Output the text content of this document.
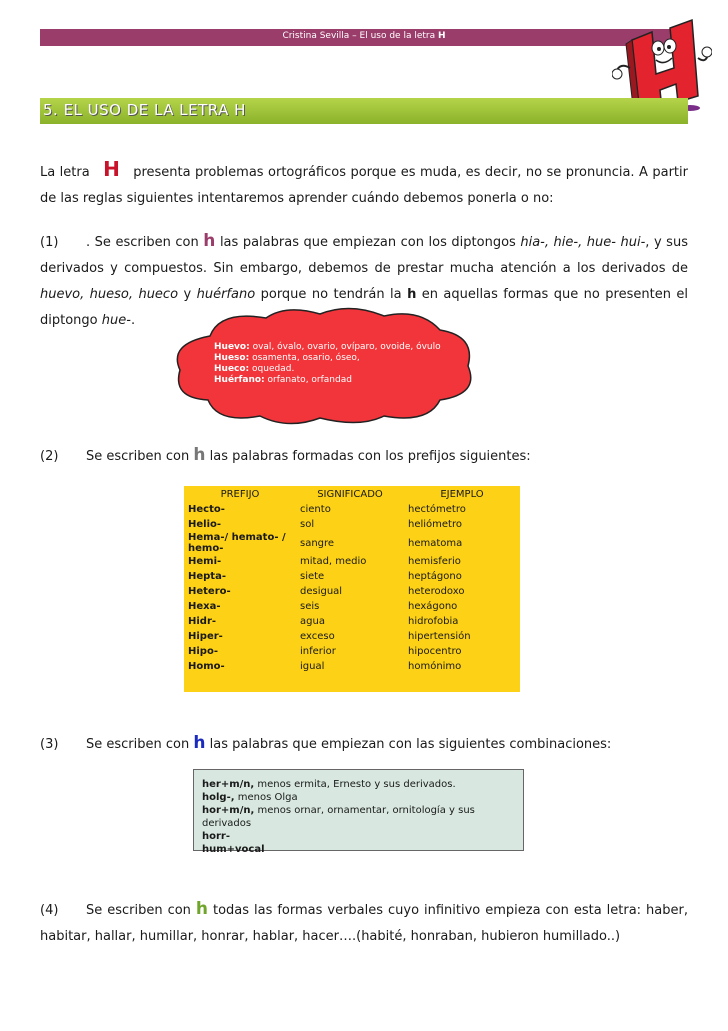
Cristina Sevilla – El uso de la letra H
5. EL USO DE LA LETRA H
La letra H presenta problemas ortográficos porque es muda, es decir, no se pronuncia. A partir de las reglas siguientes intentaremos aprender cuándo debemos ponerla o no:
(1) . Se escriben con h las palabras que empiezan con los diptongos hia-, hie-, hue- hui-, y sus derivados y compuestos. Sin embargo, debemos de prestar mucha atención a los derivados de huevo, hueso, hueco y huérfano porque no tendrán la h en aquellas formas que no presenten el diptongo hue-.
Huevo: oval, óvalo, ovario, ovíparo, ovoide, óvulo
Hueso: osamenta, osario, óseo,
Hueco: oquedad.
Huérfano: orfanato, orfandad
(2) Se escriben con h las palabras formadas con los prefijos siguientes:
PREFIJO	SIGNIFICADO	EJEMPLO
Hecto-	ciento	hectómetro
Helio-	sol	heliómetro
Hema-/ hemato- / hemo-	sangre	hematoma
Hemi-	mitad, medio	hemisferio
Hepta-	siete	heptágono
Hetero-	desigual	heterodoxo
Hexa-	seis	hexágono
Hidr-	agua	hidrofobia
Hiper-	exceso	hipertensión
Hipo-	inferior	hipocentro
Homo-	igual	homónimo
(3) Se escriben con h las palabras que empiezan con las siguientes combinaciones:
her+m/n, menos ermita, Ernesto y sus derivados.
holg-, menos Olga
hor+m/n, menos ornar, ornamentar, ornitología y sus derivados
horr-
hum+vocal
(4) Se escriben con h todas las formas verbales cuyo infinitivo empieza con esta letra: haber, habitar, hallar, humillar, honrar, hablar, hacer….(habité, honraban, hubieron humillado..)
